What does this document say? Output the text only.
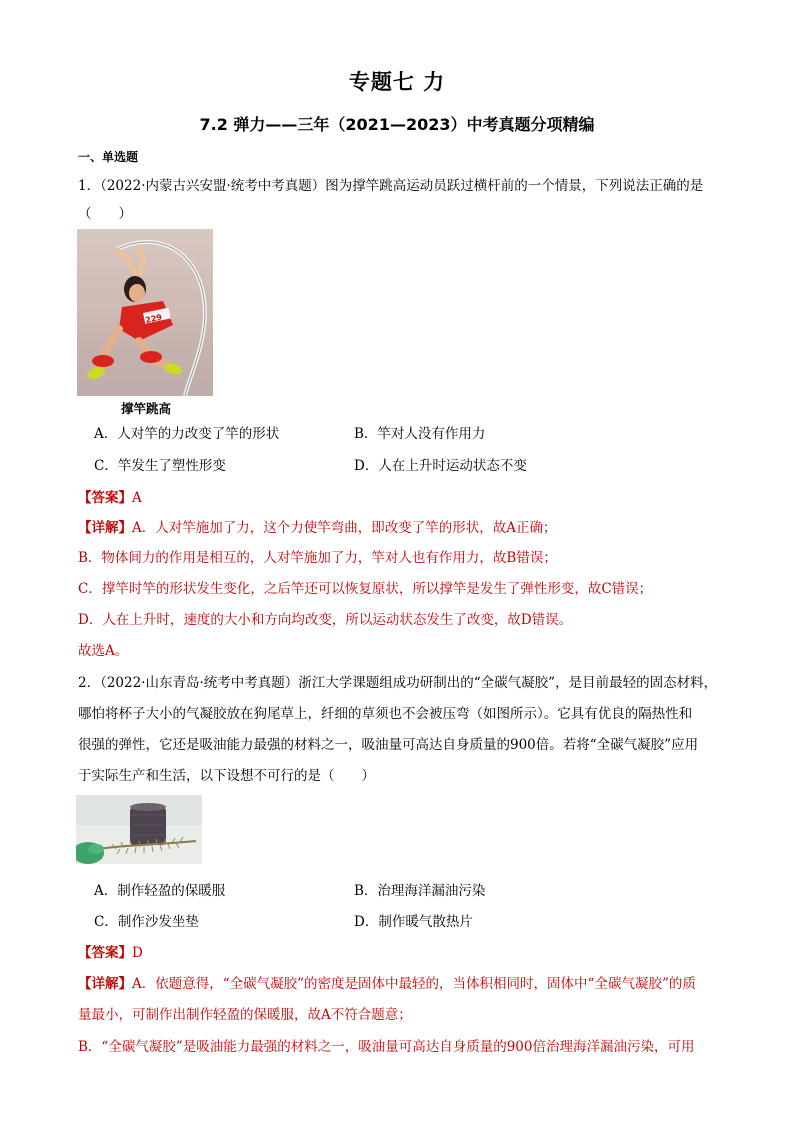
专题七 力
7.2 弹力——三年（2021—2023）中考真题分项精编
一、单选题
1．（2022·内蒙古兴安盟·统考中考真题）图为撑竿跳高运动员跃过横杆前的一个情景，下列说法正确的是
（　　）
229
撑竿跳高
A．人对竿的力改变了竿的形状	B．竿对人没有作用力
C．竿发生了塑性形变	D．人在上升时运动状态不变
【答案】A
【详解】A．人对竿施加了力，这个力使竿弯曲，即改变了竿的形状，故A正确；
B．物体间力的作用是相互的，人对竿施加了力，竿对人也有作用力，故B错误；
C．撑竿时竿的形状发生变化，之后竿还可以恢复原状，所以撑竿是发生了弹性形变，故C错误；
D．人在上升时，速度的大小和方向均改变，所以运动状态发生了改变，故D错误。
故选A。
2．（2022·山东青岛·统考中考真题）浙江大学课题组成功研制出的“全碳气凝胶”，是目前最轻的固态材料，
哪怕将杯子大小的气凝胶放在狗尾草上，纤细的草须也不会被压弯（如图所示）。它具有优良的隔热性和
很强的弹性，它还是吸油能力最强的材料之一，吸油量可高达自身质量的900倍。若将“全碳气凝胶”应用
于实际生产和生活，以下设想不可行的是（　　）
A．制作轻盈的保暖服	B．治理海洋漏油污染
C．制作沙发坐垫	D．制作暖气散热片
【答案】D
【详解】A．依题意得，“全碳气凝胶”的密度是固体中最轻的，当体积相同时，固体中“全碳气凝胶”的质
量最小，可制作出制作轻盈的保暖服，故A不符合题意；
B．“全碳气凝胶”是吸油能力最强的材料之一，吸油量可高达自身质量的900倍治理海洋漏油污染，可用
